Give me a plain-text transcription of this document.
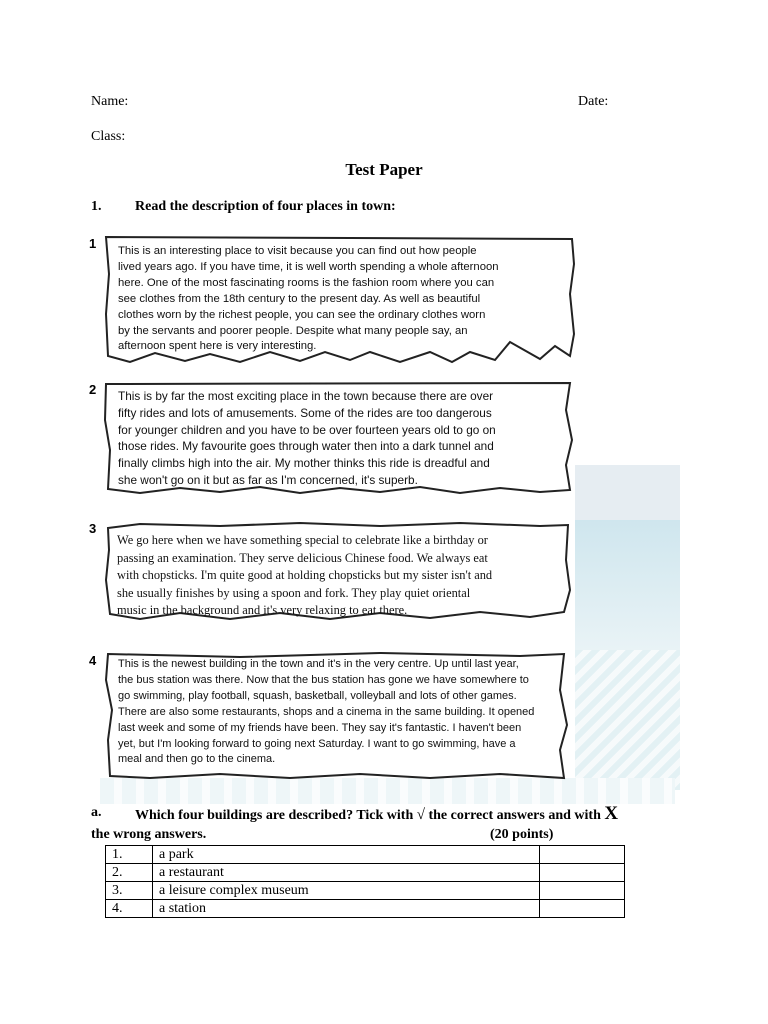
Name:	Date:
Class:
Test Paper
1. Read the description of four places in town:
1 This is an interesting place to visit because you can find out how people
lived years ago. If you have time, it is well worth spending a whole afternoon
here. One of the most fascinating rooms is the fashion room where you can
see clothes from the 18th century to the present day. As well as beautiful
clothes worn by the richest people, you can see the ordinary clothes worn
by the servants and poorer people. Despite what many people say, an
afternoon spent here is very interesting.
2 This is by far the most exciting place in the town because there are over
fifty rides and lots of amusements. Some of the rides are too dangerous
for younger children and you have to be over fourteen years old to go on
those rides. My favourite goes through water then into a dark tunnel and
finally climbs high into the air. My mother thinks this ride is dreadful and
she won't go on it but as far as I'm concerned, it's superb.
3
We go here when we have something special to celebrate like a birthday or
passing an examination. They serve delicious Chinese food. We always eat
with chopsticks. I'm quite good at holding chopsticks but my sister isn't and
she usually finishes by using a spoon and fork. They play quiet oriental
music in the background and it's very relaxing to eat there.
4 This is the newest building in the town and it's in the very centre. Up until last year,
the bus station was there. Now that the bus station has gone we have somewhere to
go swimming, play football, squash, basketball, volleyball and lots of other games.
There are also some restaurants, shops and a cinema in the same building. It opened
last week and some of my friends have been. They say it's fantastic. I haven't been
yet, but I'm looking forward to going next Saturday. I want to go swimming, have a
meal and then go to the cinema.
a. Which four buildings are described? Tick with √ the correct answers and with X
the wrong answers.	(20 points)
1.	a park	
2.	a restaurant	
3.	a leisure complex museum	
4.	a station	
